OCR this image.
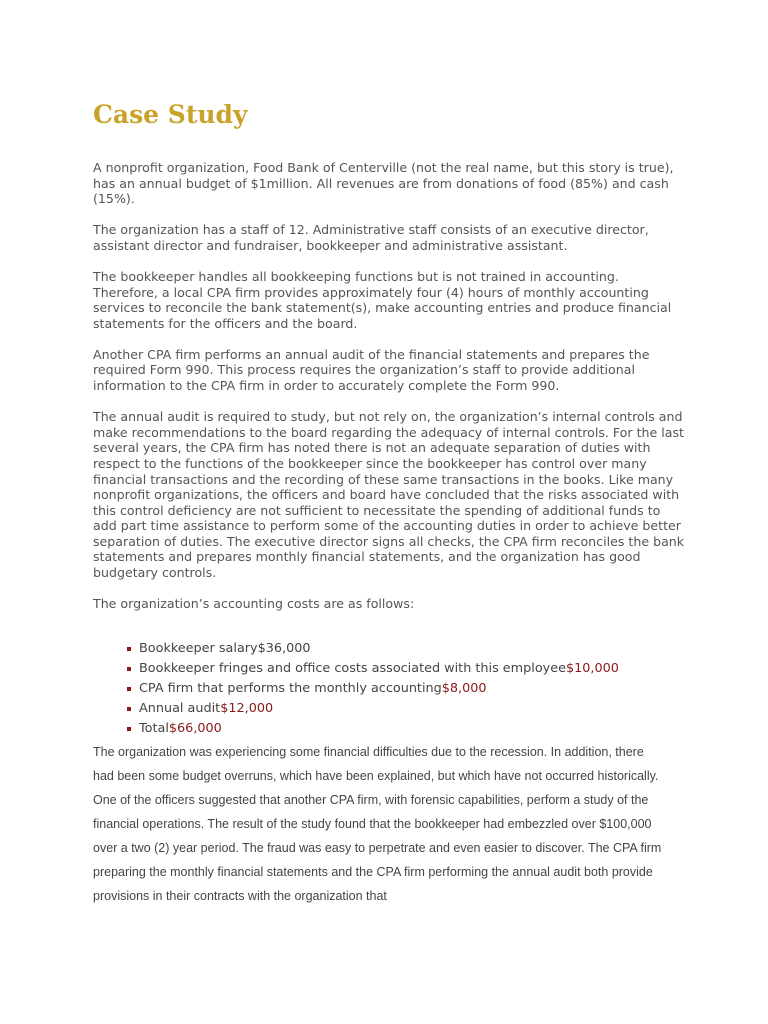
Case Study

A nonprofit organization, Food Bank of Centerville (not the real name, but this story is true), has an annual budget of $1million. All revenues are from donations of food (85%) and cash (15%).

The organization has a staff of 12. Administrative staff consists of an executive director, assistant director and fundraiser, bookkeeper and administrative assistant.

The bookkeeper handles all bookkeeping functions but is not trained in accounting. Therefore, a local CPA firm provides approximately four (4) hours of monthly accounting services to reconcile the bank statement(s), make accounting entries and produce financial statements for the officers and the board.

Another CPA firm performs an annual audit of the financial statements and prepares the required Form 990. This process requires the organization’s staff to provide additional information to the CPA firm in order to accurately complete the Form 990.

The annual audit is required to study, but not rely on, the organization’s internal controls and make recommendations to the board regarding the adequacy of internal controls. For the last several years, the CPA firm has noted there is not an adequate separation of duties with respect to the functions of the bookkeeper since the bookkeeper has control over many financial transactions and the recording of these same transactions in the books. Like many nonprofit organizations, the officers and board have concluded that the risks associated with this control deficiency are not sufficient to necessitate the spending of additional funds to add part time assistance to perform some of the accounting duties in order to achieve better separation of duties. The executive director signs all checks, the CPA firm reconciles the bank statements and prepares monthly financial statements, and the organization has good budgetary controls.

The organization’s accounting costs are as follows:

Bookkeeper salary$36,000
Bookkeeper fringes and office costs associated with this employee$10,000
CPA firm that performs the monthly accounting$8,000
Annual audit$12,000
Total$66,000
The organization was experiencing some financial difficulties due to the recession. In addition, there had been some budget overruns, which have been explained, but which have not occurred historically. One of the officers suggested that another CPA firm, with forensic capabilities, perform a study of the financial operations. The result of the study found that the bookkeeper had embezzled over $100,000 over a two (2) year period. The fraud was easy to perpetrate and even easier to discover. The CPA firm preparing the monthly financial statements and the CPA firm performing the annual audit both provide provisions in their contracts with the organization that
